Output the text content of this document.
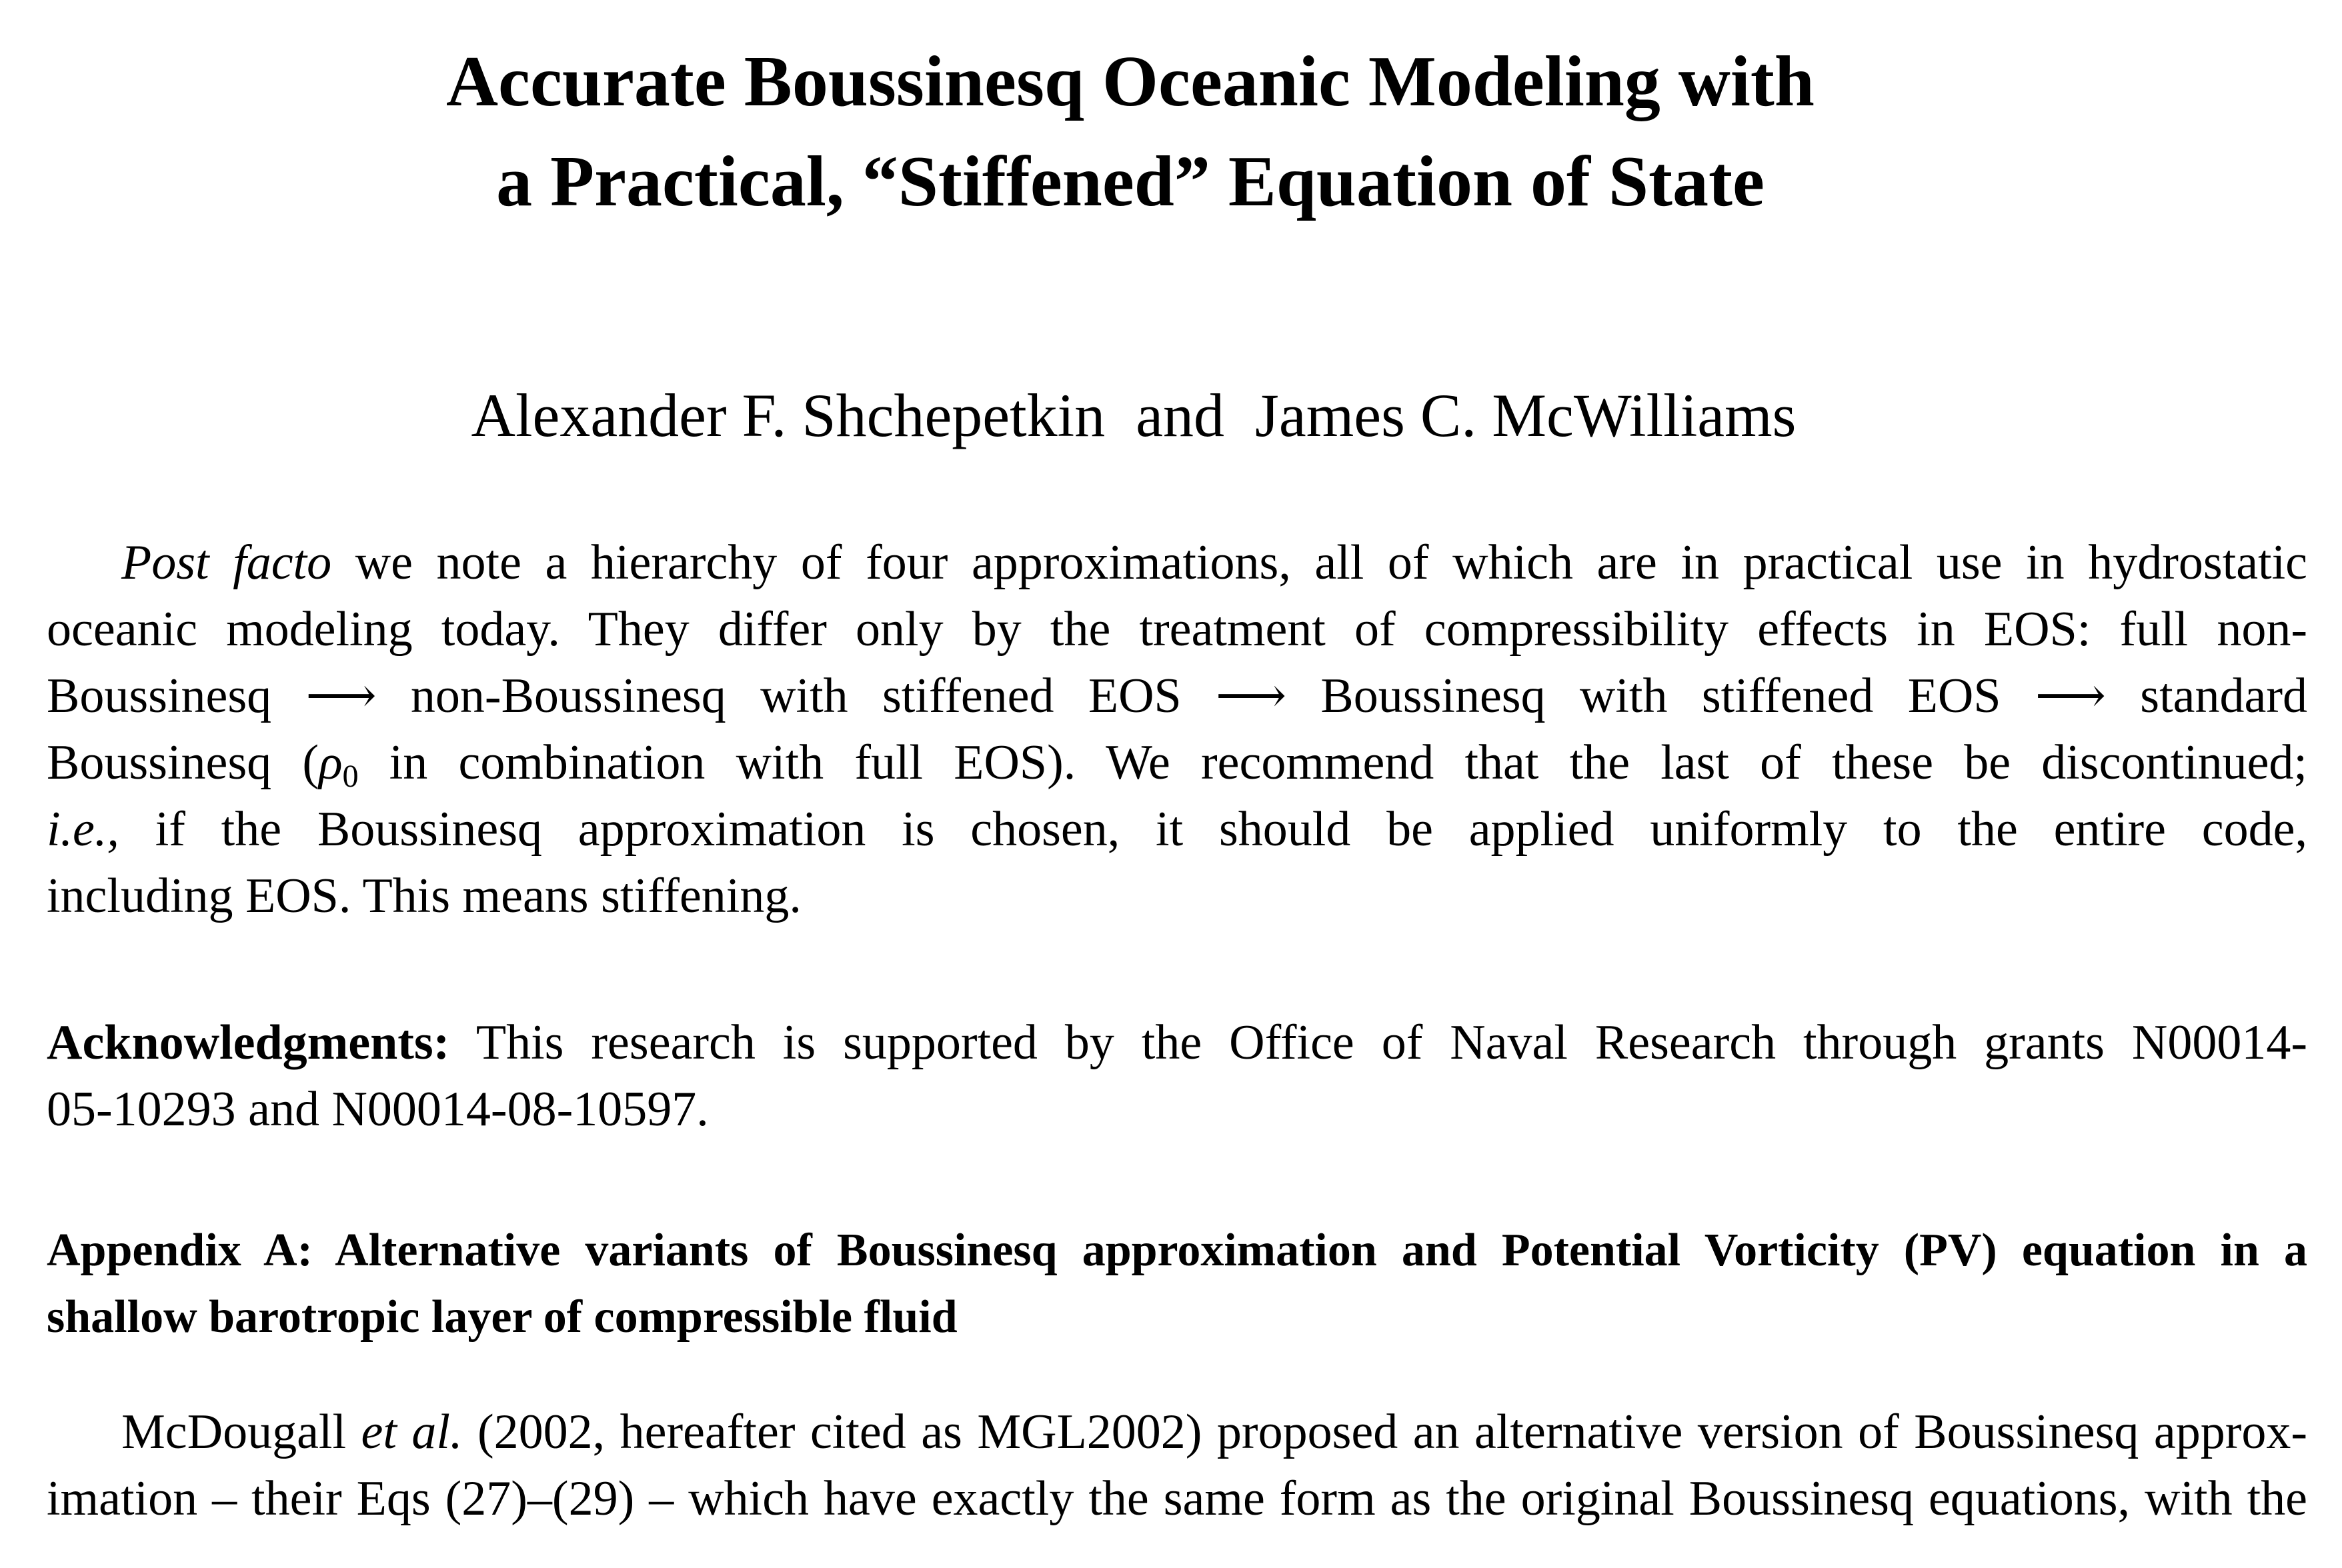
Accurate Boussinesq Oceanic Modeling with
a Practical, “Stiffened” Equation of State

Alexander F. Shchepetkin  and  James C. McWilliams

Post facto we note a hierarchy of four approximations, all of which are in practical use in hydrostatic
oceanic modeling today. They differ only by the treatment of compressibility effects in EOS: full non-
Boussinesq ⟶ non-Boussinesq with stiffened EOS ⟶ Boussinesq with stiffened EOS ⟶ standard
Boussinesq ($\rho_0$ in combination with full EOS). We recommend that the last of these be discontinued;
i.e., if the Boussinesq approximation is chosen, it should be applied uniformly to the entire code,
including EOS. This means stiffening.
Acknowledgments: This research is supported by the Office of Naval Research through grants N00014-
05-10293 and N00014-08-10597.
Appendix A: Alternative variants of Boussinesq approximation and Potential Vorticity (PV) equation in a
shallow barotropic layer of compressible fluid
McDougall et al. (2002, hereafter cited as MGL2002) proposed an alternative version of Boussinesq approx-
imation – their Eqs (27)–(29) – which have exactly the same form as the original Boussinesq equations, with the
